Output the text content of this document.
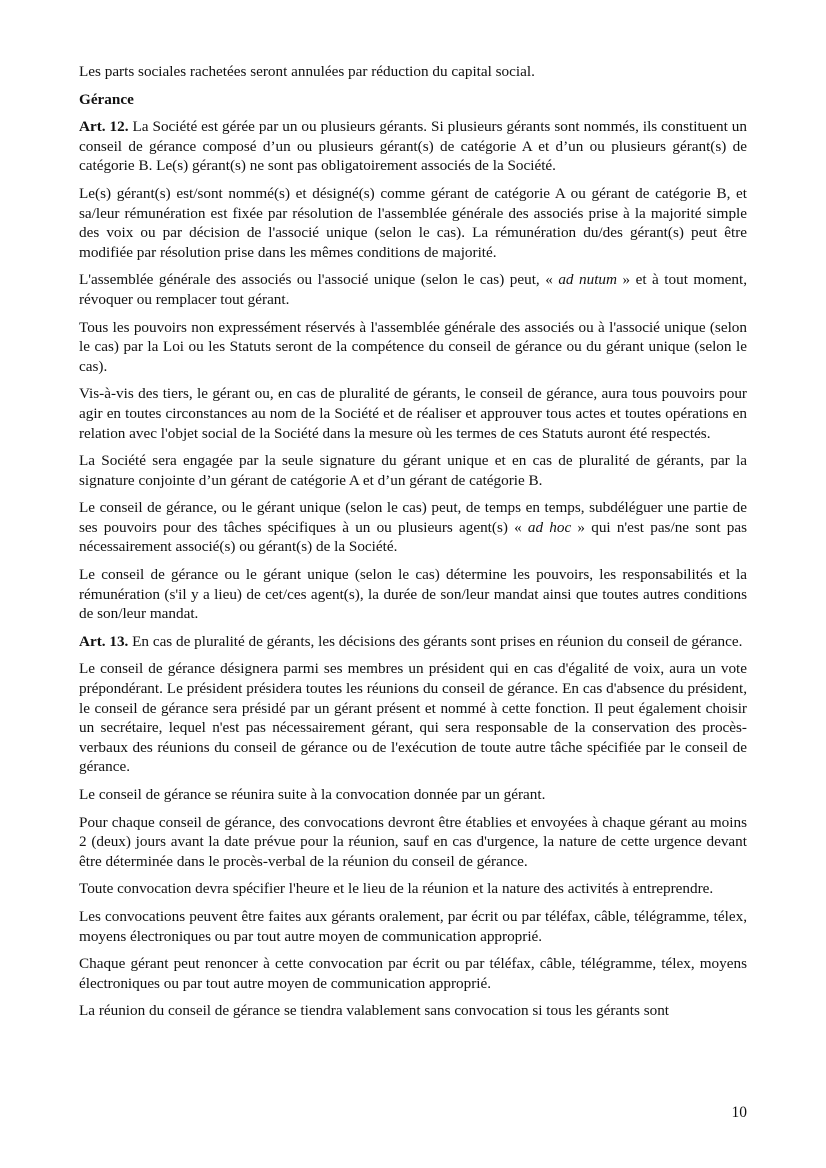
Les parts sociales rachetées seront annulées par réduction du capital social.

Gérance

Art. 12. La Société est gérée par un ou plusieurs gérants. Si plusieurs gérants sont nommés, ils constituent un conseil de gérance composé d’un ou plusieurs gérant(s) de catégorie A et d’un ou plusieurs gérant(s) de catégorie B. Le(s) gérant(s) ne sont pas obligatoirement associés de la Société.

Le(s) gérant(s) est/sont nommé(s) et désigné(s) comme gérant de catégorie A ou gérant de catégorie B, et sa/leur rémunération est fixée par résolution de l'assemblée générale des associés prise à la majorité simple des voix ou par décision de l'associé unique (selon le cas). La rémunération du/des gérant(s) peut être modifiée par résolution prise dans les mêmes conditions de majorité.

L'assemblée générale des associés ou l'associé unique (selon le cas) peut, « ad nutum » et à tout moment, révoquer ou remplacer tout gérant.

Tous les pouvoirs non expressément réservés à l'assemblée générale des associés ou à l'associé unique (selon le cas) par la Loi ou les Statuts seront de la compétence du conseil de gérance ou du gérant unique (selon le cas).

Vis-à-vis des tiers, le gérant ou, en cas de pluralité de gérants, le conseil de gérance, aura tous pouvoirs pour agir en toutes circonstances au nom de la Société et de réaliser et approuver tous actes et toutes opérations en relation avec l'objet social de la Société dans la mesure où les termes de ces Statuts auront été respectés.

La Société sera engagée par la seule signature du gérant unique et en cas de pluralité de gérants, par la signature conjointe d’un gérant de catégorie A et d’un gérant de catégorie B.

Le conseil de gérance, ou le gérant unique (selon le cas) peut, de temps en temps, subdéléguer une partie de ses pouvoirs pour des tâches spécifiques à un ou plusieurs agent(s) « ad hoc » qui n'est pas/ne sont pas nécessairement associé(s) ou gérant(s) de la Société.

Le conseil de gérance ou le gérant unique (selon le cas) détermine les pouvoirs, les responsabilités et la rémunération (s'il y a lieu) de cet/ces agent(s), la durée de son/leur mandat ainsi que toutes autres conditions de son/leur mandat.

Art. 13. En cas de pluralité de gérants, les décisions des gérants sont prises en réunion du conseil de gérance.

Le conseil de gérance désignera parmi ses membres un président qui en cas d'égalité de voix, aura un vote prépondérant. Le président présidera toutes les réunions du conseil de gérance. En cas d'absence du président, le conseil de gérance sera présidé par un gérant présent et nommé à cette fonction. Il peut également choisir un secrétaire, lequel n'est pas nécessairement gérant, qui sera responsable de la conservation des procès-verbaux des réunions du conseil de gérance ou de l'exécution de toute autre tâche spécifiée par le conseil de gérance.

Le conseil de gérance se réunira suite à la convocation donnée par un gérant.

Pour chaque conseil de gérance, des convocations devront être établies et envoyées à chaque gérant au moins 2 (deux) jours avant la date prévue pour la réunion, sauf en cas d'urgence, la nature de cette urgence devant être déterminée dans le procès-verbal de la réunion du conseil de gérance.

Toute convocation devra spécifier l'heure et le lieu de la réunion et la nature des activités à entreprendre.

Les convocations peuvent être faites aux gérants oralement, par écrit ou par téléfax, câble, télégramme, télex, moyens électroniques ou par tout autre moyen de communication approprié.

Chaque gérant peut renoncer à cette convocation par écrit ou par téléfax, câble, télégramme, télex, moyens électroniques ou par tout autre moyen de communication approprié.

La réunion du conseil de gérance se tiendra valablement sans convocation si tous les gérants sont

10
